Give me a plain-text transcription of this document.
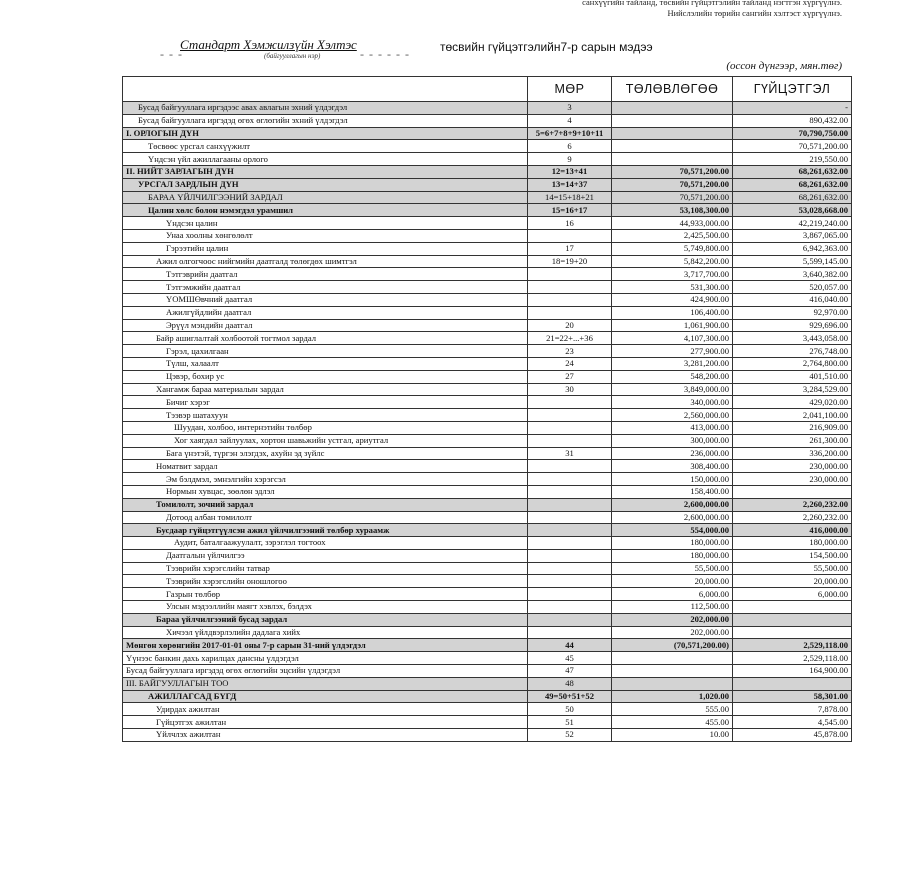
санхүүгийн тайланд, төсвийн гүйцэтгэлийн тайланд нэгтгэн хүргүүлнэ.
Нийслэлийн төрийн сангийн хэлтэст хүргүүлнэ.
- - -
Стандарт Хэмжилзүйн Хэлтэс
- - - - - -
(байгууллагын нэр)
төсвийн гүйцэтгэлийн7-р сарын мэдээ
(оссон дүнгээр, мян.төг)
	МӨР	ТӨЛӨВЛӨГӨӨ	ГҮЙЦЭТГЭЛ
Бусад байгууллага иргэдээс авах авлагын эхний үлдэгдэл	3		-
Бусад байгууллага иргэдэд өгөх өглөгийн эхний үлдэгдэл	4		890,432.00
I. ОРЛОГЫН ДҮН	5=6+7+8+9+10+11		70,790,750.00
Төсвөөс урсгал санхүүжилт	6		70,571,200.00
Үндсэн үйл ажиллагааны орлого	9		219,550.00
II. НИЙТ ЗАРЛАГЫН ДҮН	12=13+41	70,571,200.00	68,261,632.00
УРСГАЛ ЗАРДЛЫН ДҮН	13=14+37	70,571,200.00	68,261,632.00
БАРАА ҮЙЛЧИЛГЭЭНИЙ ЗАРДАЛ	14=15+18+21	70,571,200.00	68,261,632.00
Цалин хөлс болон нэмэгдэл урамшил	15=16+17	53,108,300.00	53,028,668.00
Үндсэн цалин	16	44,933,000.00	42,219,240.00
Унаа хоолны хөнгөлөлт		2,425,500.00	3,867,065.00
Гэрээтийн цалин	17	5,749,800.00	6,942,363.00
Ажил олгогчоос нийгмийн даатгалд төлөгдөх шимтгэл	18=19+20	5,842,200.00	5,599,145.00
Тэтгэврийн даатгал		3,717,700.00	3,640,382.00
Тэтгэмжийн даатгал		531,300.00	520,057.00
ҮОМШӨвчний даатгал		424,900.00	416,040.00
Ажилгүйдлийн даатгал		106,400.00	92,970.00
Эрүүл мэндийн даатгал	20	1,061,900.00	929,696.00
Байр ашиглалтай холбоотой тогтмол зардал	21=22+...+36	4,107,300.00	3,443,058.00
Гэрэл, цахилгаан	23	277,900.00	276,748.00
Түлш, халаалт	24	3,281,200.00	2,764,800.00
Цэвэр, бохир ус	27	548,200.00	401,510.00
Хангамж бараа материалын зардал	30	3,849,000.00	3,284,529.00
Бичиг хэрэг		340,000.00	429,020.00
Тээвэр шатахуун		2,560,000.00	2,041,100.00
Шуудан, холбоо, интернэтийн төлбөр		413,000.00	216,909.00
Хог хаягдал зайлуулах, хортон шавьжийн устгал, ариутгал		300,000.00	261,300.00
Бага үнэтэй, түргэн элэгдэх, ахуйн эд зүйлс	31	236,000.00	336,200.00
Номатвит зардал		308,400.00	230,000.00
Эм бэлдмэл, эмнэлгийн хэрэгсэл		150,000.00	230,000.00
Нормын хувцас, зөөлөн эдлэл		158,400.00	
Томилолт, зочний зардал		2,600,000.00	2,260,232.00
Дотоод албан томилолт		2,600,000.00	2,260,232.00
Бусдаар гүйцэтгүүлсэн ажил үйлчилгээний төлбөр хураамж		554,000.00	416,000.00
Аудит, баталгаажуулалт, зэрэглэл тогтоох		180,000.00	180,000.00
Даатгалын үйлчилгээ		180,000.00	154,500.00
Тээврийн хэрэгслийн татвар		55,500.00	55,500.00
Тээврийн хэрэгслийн оношлогоо		20,000.00	20,000.00
Газрын төлбөр		6,000.00	6,000.00
Улсын мэдээллийн маягт хэвлэх, бэлдэх		112,500.00	
Бараа үйлчилгээний бусад зардал		202,000.00	
Хичээл үйлдвэрлэлийн дадлага хийх		202,000.00	
Мөнгөн хөрөнгийн 2017-01-01 оны 7-р сарын 31-ний үлдэгдэл	44	(70,571,200.00)	2,529,118.00
Үүнээс банкин дахь харилцах дансны үлдэгдэл	45		2,529,118.00
Бусад байгууллага иргэдэд өгөх өглөгийн эцсийн үлдэгдэл	47		164,900.00
III. БАЙГУУЛЛАГЫН ТОО	48		
АЖИЛЛАГСАД БҮГД	49=50+51+52	1,020.00	58,301.00
Удирдах ажилтан	50	555.00	7,878.00
Гүйцэтгэх ажилтан	51	455.00	4,545.00
Үйлчлэх ажилтан	52	10.00	45,878.00
